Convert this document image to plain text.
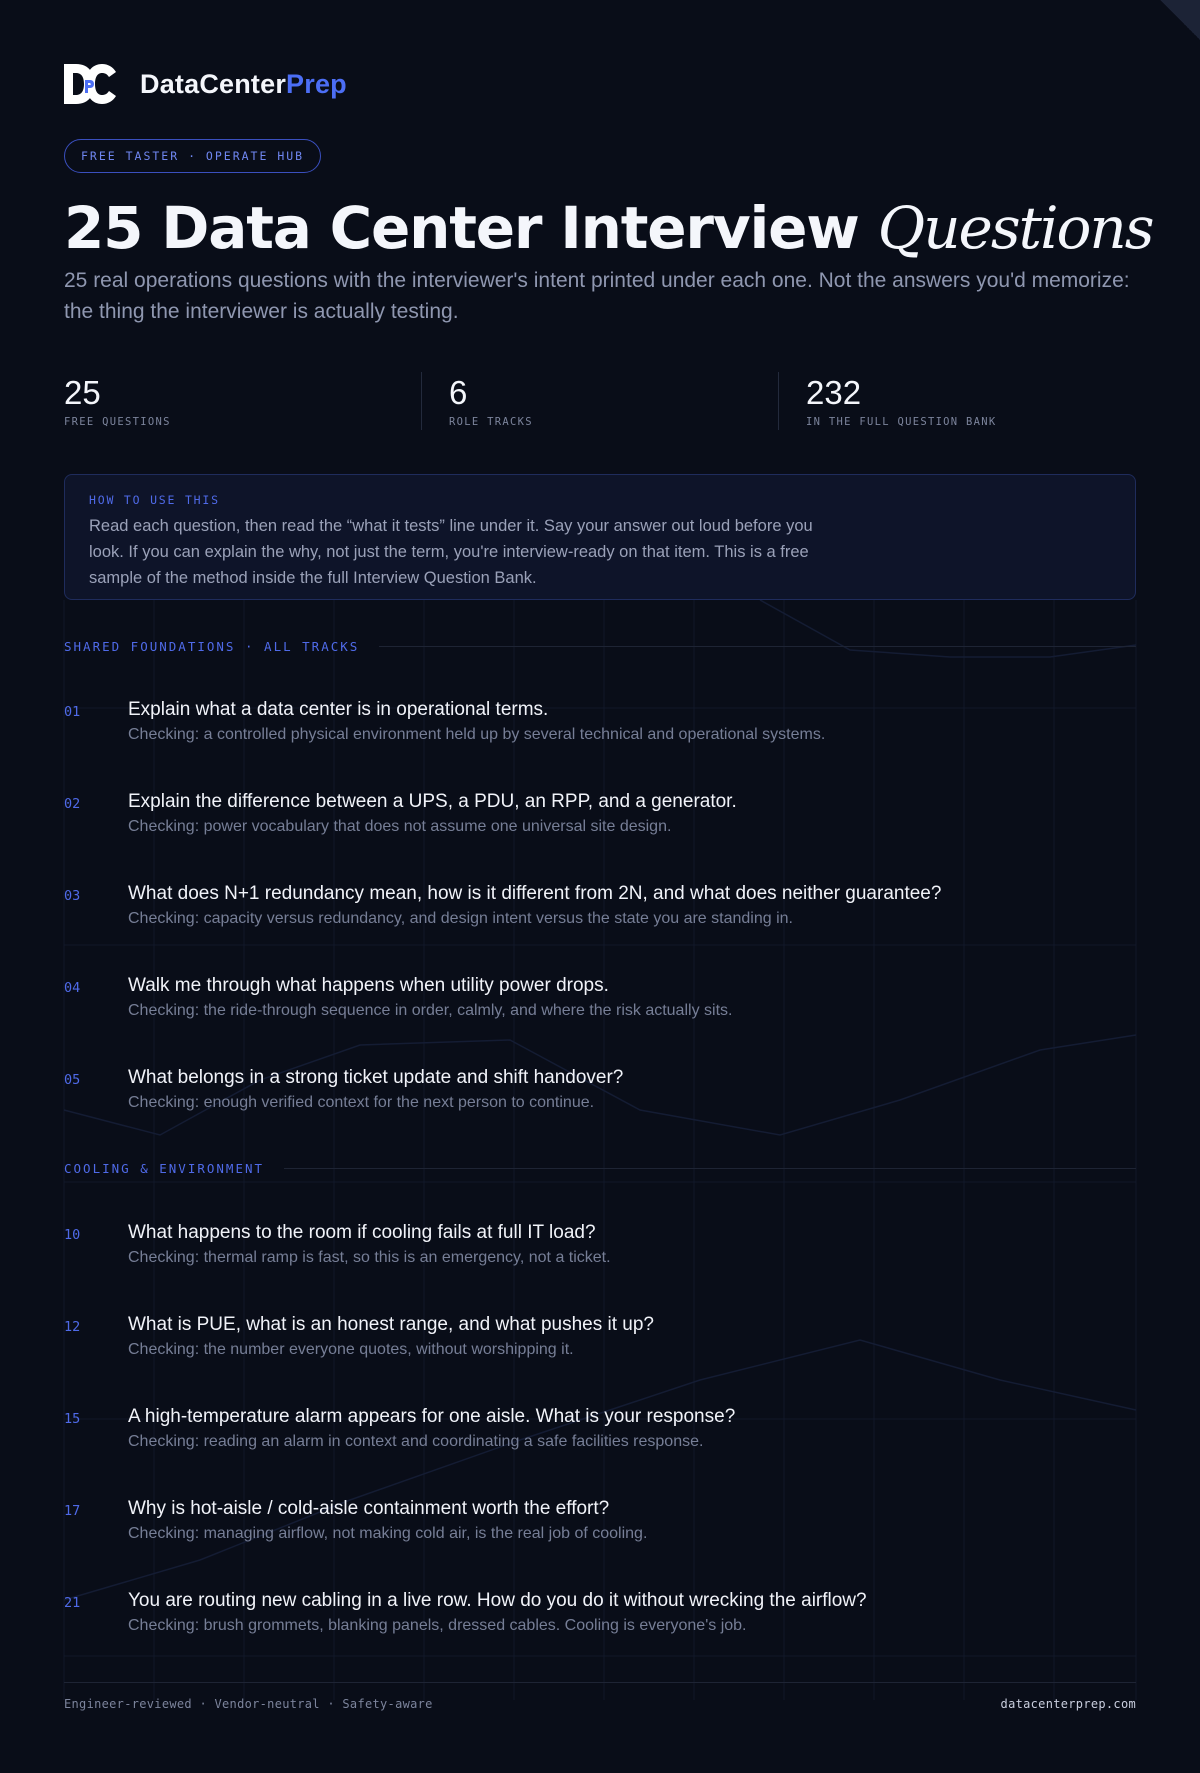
DataCenterPrep
FREE TASTER · OPERATE HUB
25 Data Center Interview Questions

25 real operations questions with the interviewer's intent printed under each one. Not the answers you'd memorize: the thing the interviewer is actually testing.

25
FREE QUESTIONS
6
ROLE TRACKS
232
IN THE FULL QUESTION BANK
HOW TO USE THIS
Read each question, then read the “what it tests” line under it. Say your answer out loud before you look. If you can explain the why, not just the term, you're interview-ready on that item. This is a free sample of the method inside the full Interview Question Bank.
SHARED FOUNDATIONS · ALL TRACKS
01	Explain what a data center is in operational terms.
Checking: a controlled physical environment held up by several technical and operational systems.
02	Explain the difference between a UPS, a PDU, an RPP, and a generator.
Checking: power vocabulary that does not assume one universal site design.
03	What does N+1 redundancy mean, how is it different from 2N, and what does neither guarantee?
Checking: capacity versus redundancy, and design intent versus the state you are standing in.
04	Walk me through what happens when utility power drops.
Checking: the ride-through sequence in order, calmly, and where the risk actually sits.
05	What belongs in a strong ticket update and shift handover?
Checking: enough verified context for the next person to continue.
COOLING & ENVIRONMENT
10	What happens to the room if cooling fails at full IT load?
Checking: thermal ramp is fast, so this is an emergency, not a ticket.
12	What is PUE, what is an honest range, and what pushes it up?
Checking: the number everyone quotes, without worshipping it.
15	A high-temperature alarm appears for one aisle. What is your response?
Checking: reading an alarm in context and coordinating a safe facilities response.
17	Why is hot-aisle / cold-aisle containment worth the effort?
Checking: managing airflow, not making cold air, is the real job of cooling.
21	You are routing new cabling in a live row. How do you do it without wrecking the airflow?
Checking: brush grommets, blanking panels, dressed cables. Cooling is everyone's job.
Engineer-reviewed · Vendor-neutral · Safety-aware	datacenterprep.com
